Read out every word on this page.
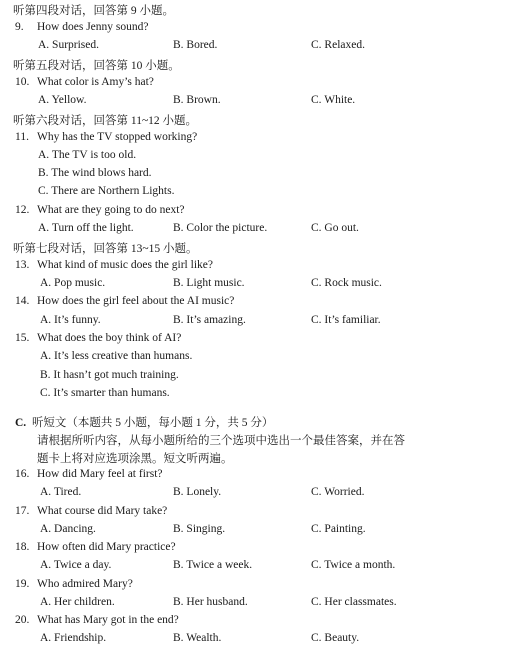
听第四段对话，回答第 9 小题。
9. How does Jenny sound?
A. Surprised.	B. Bored.	C. Relaxed.
听第五段对话，回答第 10 小题。
10. What color is Amy’s hat?
A. Yellow.	B. Brown.	C. White.
听第六段对话，回答第 11~12 小题。
11. Why has the TV stopped working?
A. The TV is too old.
B. The wind blows hard.
C. There are Northern Lights.
12. What are they going to do next?
A. Turn off the light.	B. Color the picture.	C. Go out.
听第七段对话，回答第 13~15 小题。
13. What kind of music does the girl like?
A. Pop music.	B. Light music.	C. Rock music.
14. How does the girl feel about the AI music?
A. It’s funny.	B. It’s amazing.	C. It’s familiar.
15. What does the boy think of AI?
A. It’s less creative than humans.
B. It hasn’t got much training.
C. It’s smarter than humans.
C. 听短文（本题共 5 小题，每小题 1 分，共 5 分）
请根据所听内容，从每小题所给的三个选项中选出一个最佳答案，并在答
题卡上将对应选项涂黑。短文听两遍。
16. How did Mary feel at first?
A. Tired.	B. Lonely.	C. Worried.
17. What course did Mary take?
A. Dancing.	B. Singing.	C. Painting.
18. How often did Mary practice?
A. Twice a day.	B. Twice a week.	C. Twice a month.
19. Who admired Mary?
A. Her children.	B. Her husband.	C. Her classmates.
20. What has Mary got in the end?
A. Friendship.	B. Wealth.	C. Beauty.
